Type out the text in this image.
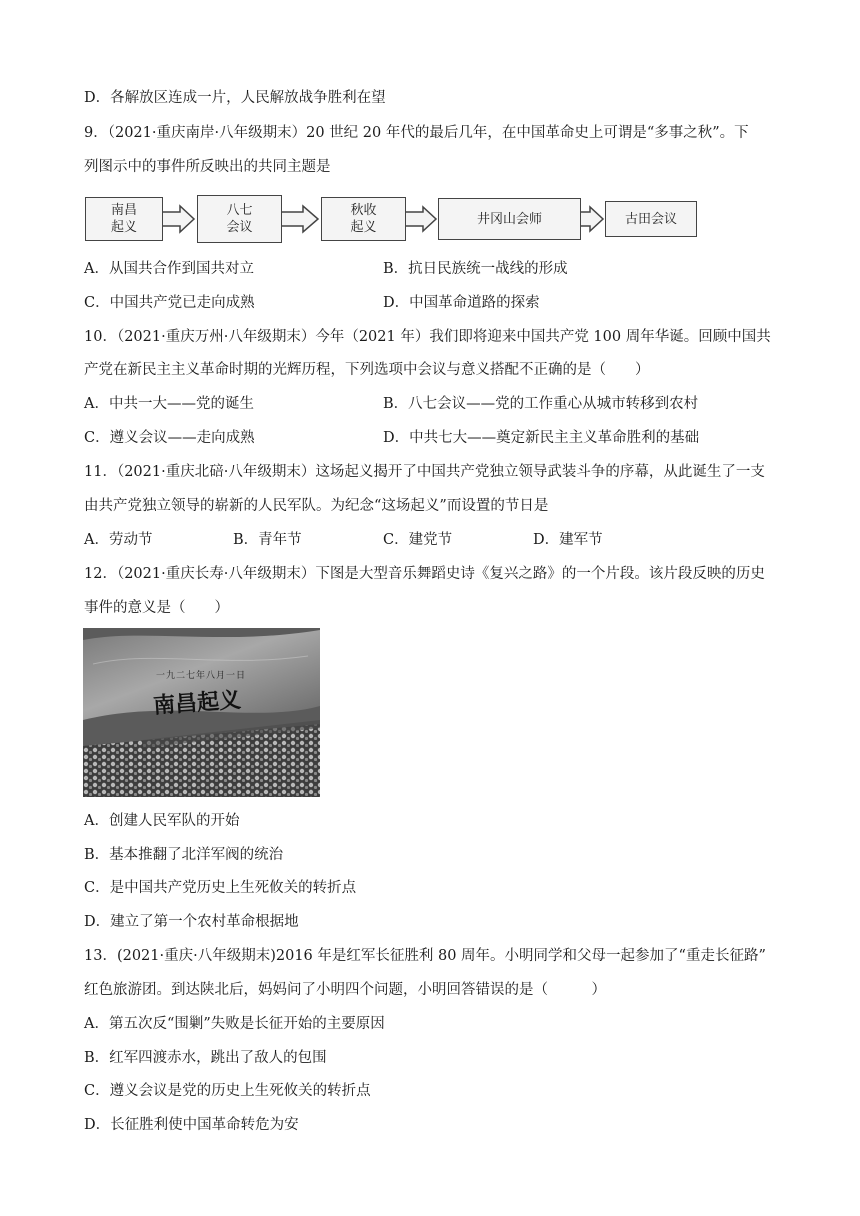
D．各解放区连成一片，人民解放战争胜利在望
9．（2021·重庆南岸·八年级期末）20 世纪 20 年代的最后几年，在中国革命史上可谓是“多事之秋”。下
列图示中的事件所反映出的共同主题是
南昌
起义
八七
会议
秋收
起义
井冈山会师	古田会议
A．从国共合作到国共对立	B．抗日民族统一战线的形成
C．中国共产党已走向成熟	D．中国革命道路的探索
10．（2021·重庆万州·八年级期末）今年（2021 年）我们即将迎来中国共产党 100 周年华诞。回顾中国共
产党在新民主主义革命时期的光辉历程，下列选项中会议与意义搭配不正确的是（　　）
A．中共一大——党的诞生	B．八七会议——党的工作重心从城市转移到农村
C．遵义会议——走向成熟	D．中共七大——奠定新民主主义革命胜利的基础
11．（2021·重庆北碚·八年级期末）这场起义揭开了中国共产党独立领导武装斗争的序幕，从此诞生了一支
由共产党独立领导的崭新的人民军队。为纪念“这场起义”而设置的节日是
A．劳动节	B．青年节	C．建党节	D．建军节
12．（2021·重庆长寿·八年级期末）下图是大型音乐舞蹈史诗《复兴之路》的一个片段。该片段反映的历史
事件的意义是（　　）
一九二七年八月一日
南昌起义
A．创建人民军队的开始
B．基本推翻了北洋军阀的统治
C．是中国共产党历史上生死攸关的转折点
D．建立了第一个农村革命根据地
13．(2021·重庆·八年级期末)2016 年是红军长征胜利 80 周年。小明同学和父母一起参加了“重走长征路”
红色旅游团。到达陕北后，妈妈问了小明四个问题，小明回答错误的是（　　　）
A．第五次反“围剿”失败是长征开始的主要原因
B．红军四渡赤水，跳出了敌人的包围
C．遵义会议是党的历史上生死攸关的转折点
D．长征胜利使中国革命转危为安
